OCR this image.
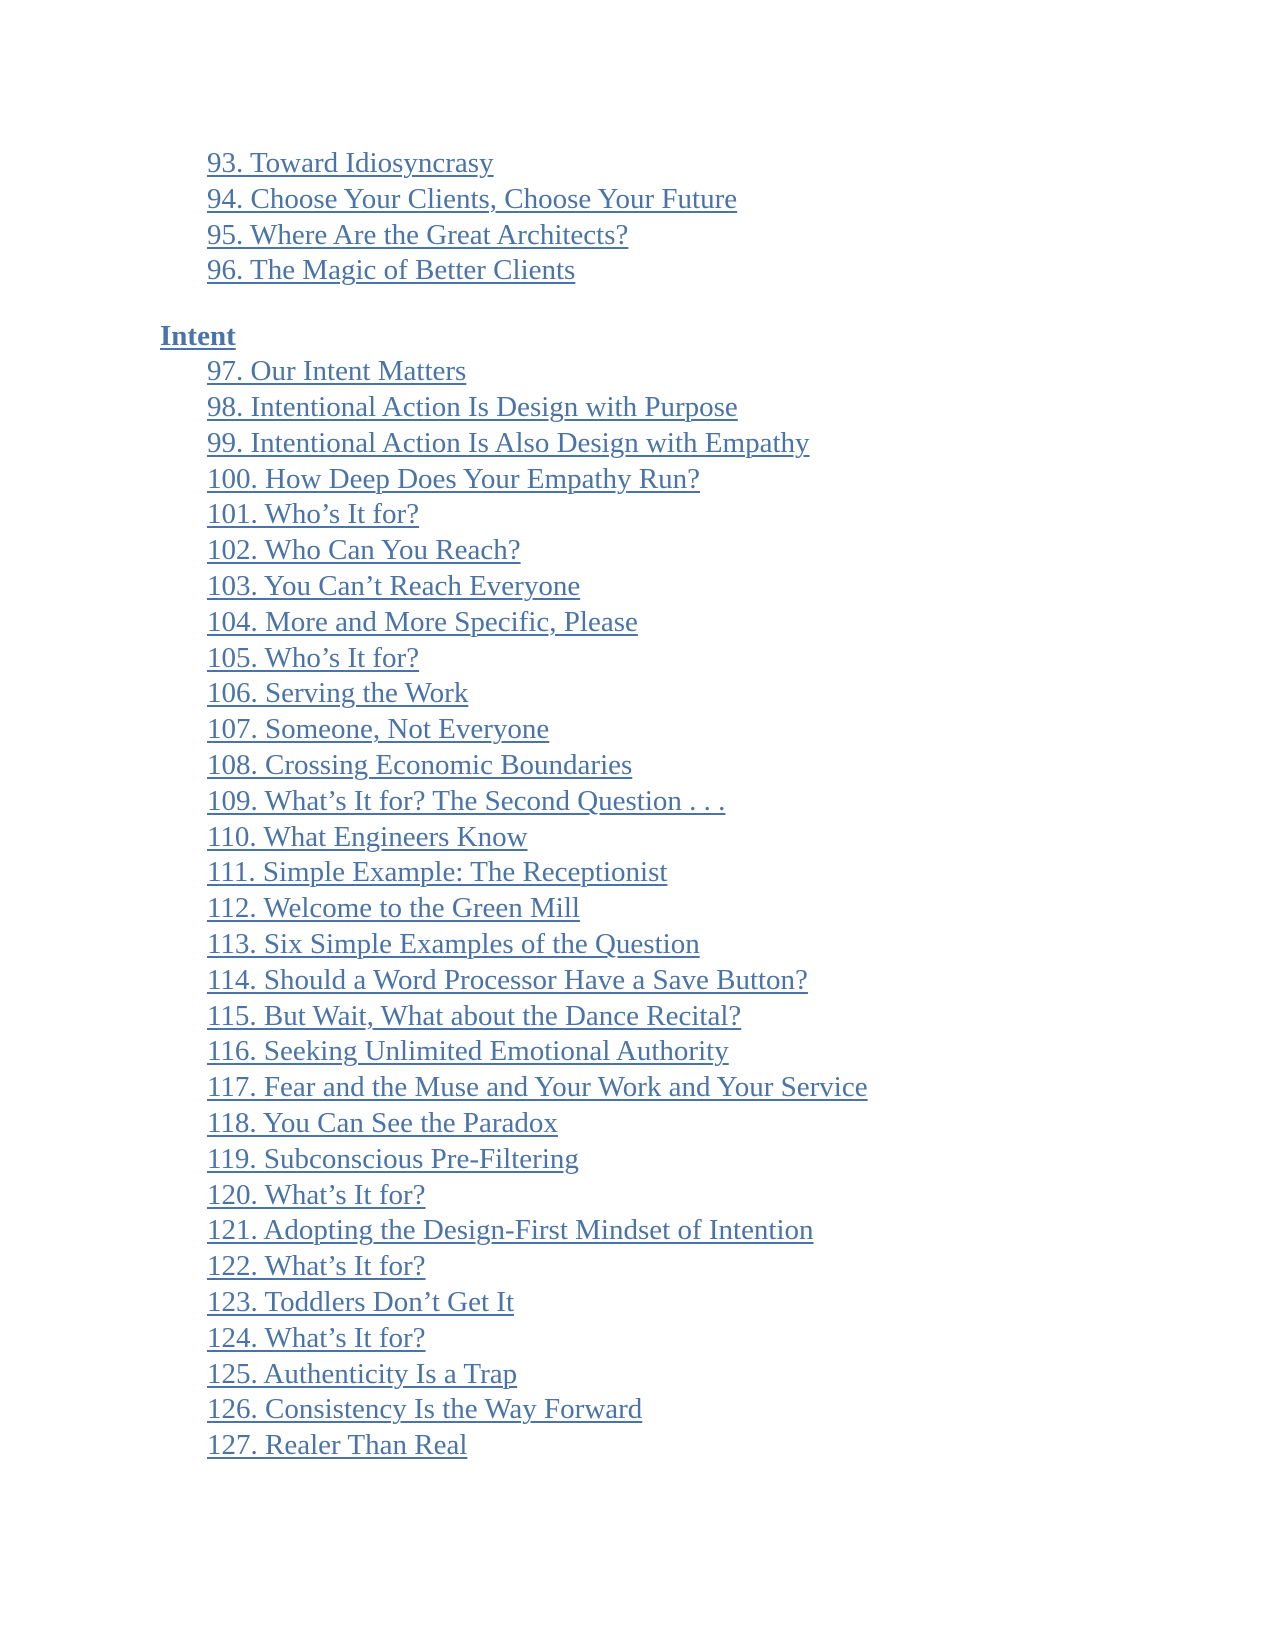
93. Toward Idiosyncrasy
94. Choose Your Clients, Choose Your Future
95. Where Are the Great Architects?
96. The Magic of Better Clients
Intent
97. Our Intent Matters
98. Intentional Action Is Design with Purpose
99. Intentional Action Is Also Design with Empathy
100. How Deep Does Your Empathy Run?
101. Who’s It for?
102. Who Can You Reach?
103. You Can’t Reach Everyone
104. More and More Specific, Please
105. Who’s It for?
106. Serving the Work
107. Someone, Not Everyone
108. Crossing Economic Boundaries
109. What’s It for? The Second Question . . .
110. What Engineers Know
111. Simple Example: The Receptionist
112. Welcome to the Green Mill
113. Six Simple Examples of the Question
114. Should a Word Processor Have a Save Button?
115. But Wait, What about the Dance Recital?
116. Seeking Unlimited Emotional Authority
117. Fear and the Muse and Your Work and Your Service
118. You Can See the Paradox
119. Subconscious Pre-Filtering
120. What’s It for?
121. Adopting the Design-First Mindset of Intention
122. What’s It for?
123. Toddlers Don’t Get It
124. What’s It for?
125. Authenticity Is a Trap
126. Consistency Is the Way Forward
127. Realer Than Real
